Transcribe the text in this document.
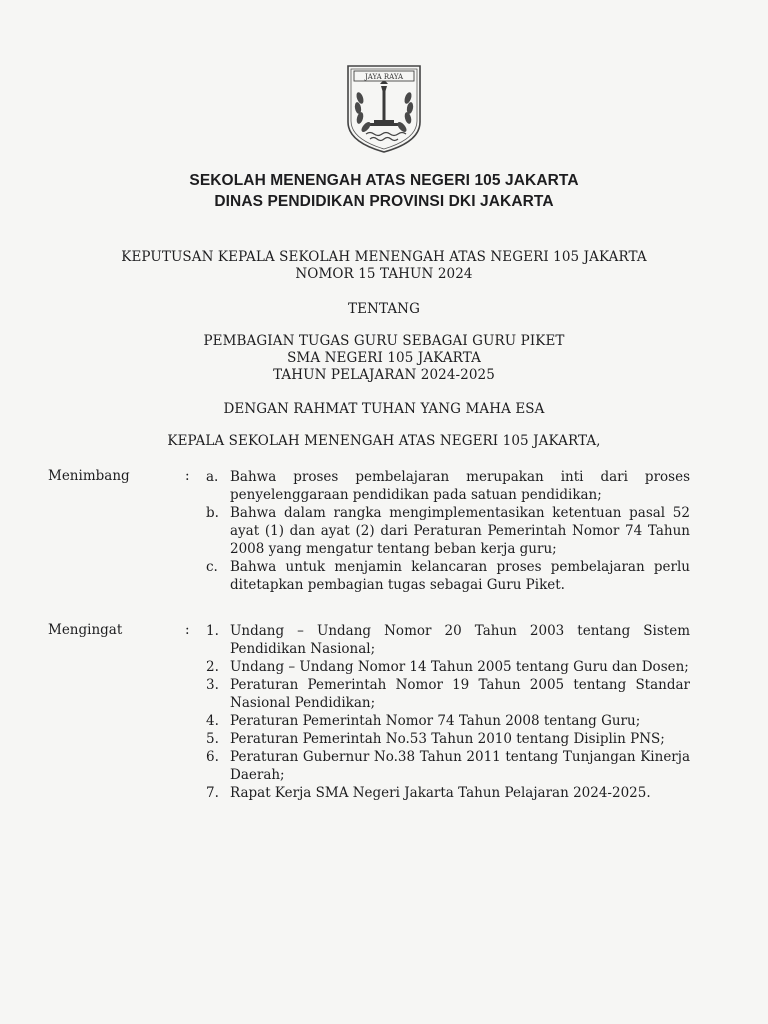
JAYA RAYA
SEKOLAH MENENGAH ATAS NEGERI 105 JAKARTA
DINAS PENDIDIKAN PROVINSI DKI JAKARTA
KEPUTUSAN KEPALA SEKOLAH MENENGAH ATAS NEGERI 105 JAKARTA
NOMOR 15 TAHUN 2024
TENTANG
PEMBAGIAN TUGAS GURU SEBAGAI GURU PIKET
SMA NEGERI 105 JAKARTA
TAHUN PELAJARAN 2024-2025
DENGAN RAHMAT TUHAN YANG MAHA ESA
KEPALA SEKOLAH MENENGAH ATAS NEGERI 105 JAKARTA,
Menimbang	: a. Bahwa proses pembelajaran merupakan inti dari proses penyelenggaraan pendidikan pada satuan pendidikan;
b. Bahwa dalam rangka mengimplementasikan ketentuan pasal 52 ayat (1) dan ayat (2) dari Peraturan Pemerintah Nomor 74 Tahun 2008 yang mengatur tentang beban kerja guru;
c. Bahwa untuk menjamin kelancaran proses pembelajaran perlu ditetapkan pembagian tugas sebagai Guru Piket.
Mengingat	: 1. Undang – Undang Nomor 20 Tahun 2003 tentang Sistem Pendidikan Nasional;
2. Undang – Undang Nomor 14 Tahun 2005 tentang Guru dan Dosen;
3. Peraturan Pemerintah Nomor 19 Tahun 2005 tentang Standar Nasional Pendidikan;
4. Peraturan Pemerintah Nomor 74 Tahun 2008 tentang Guru;
5. Peraturan Pemerintah No.53 Tahun 2010 tentang Disiplin PNS;
6. Peraturan Gubernur No.38 Tahun 2011 tentang Tunjangan Kinerja Daerah;
7. Rapat Kerja SMA Negeri Jakarta Tahun Pelajaran 2024-2025.
